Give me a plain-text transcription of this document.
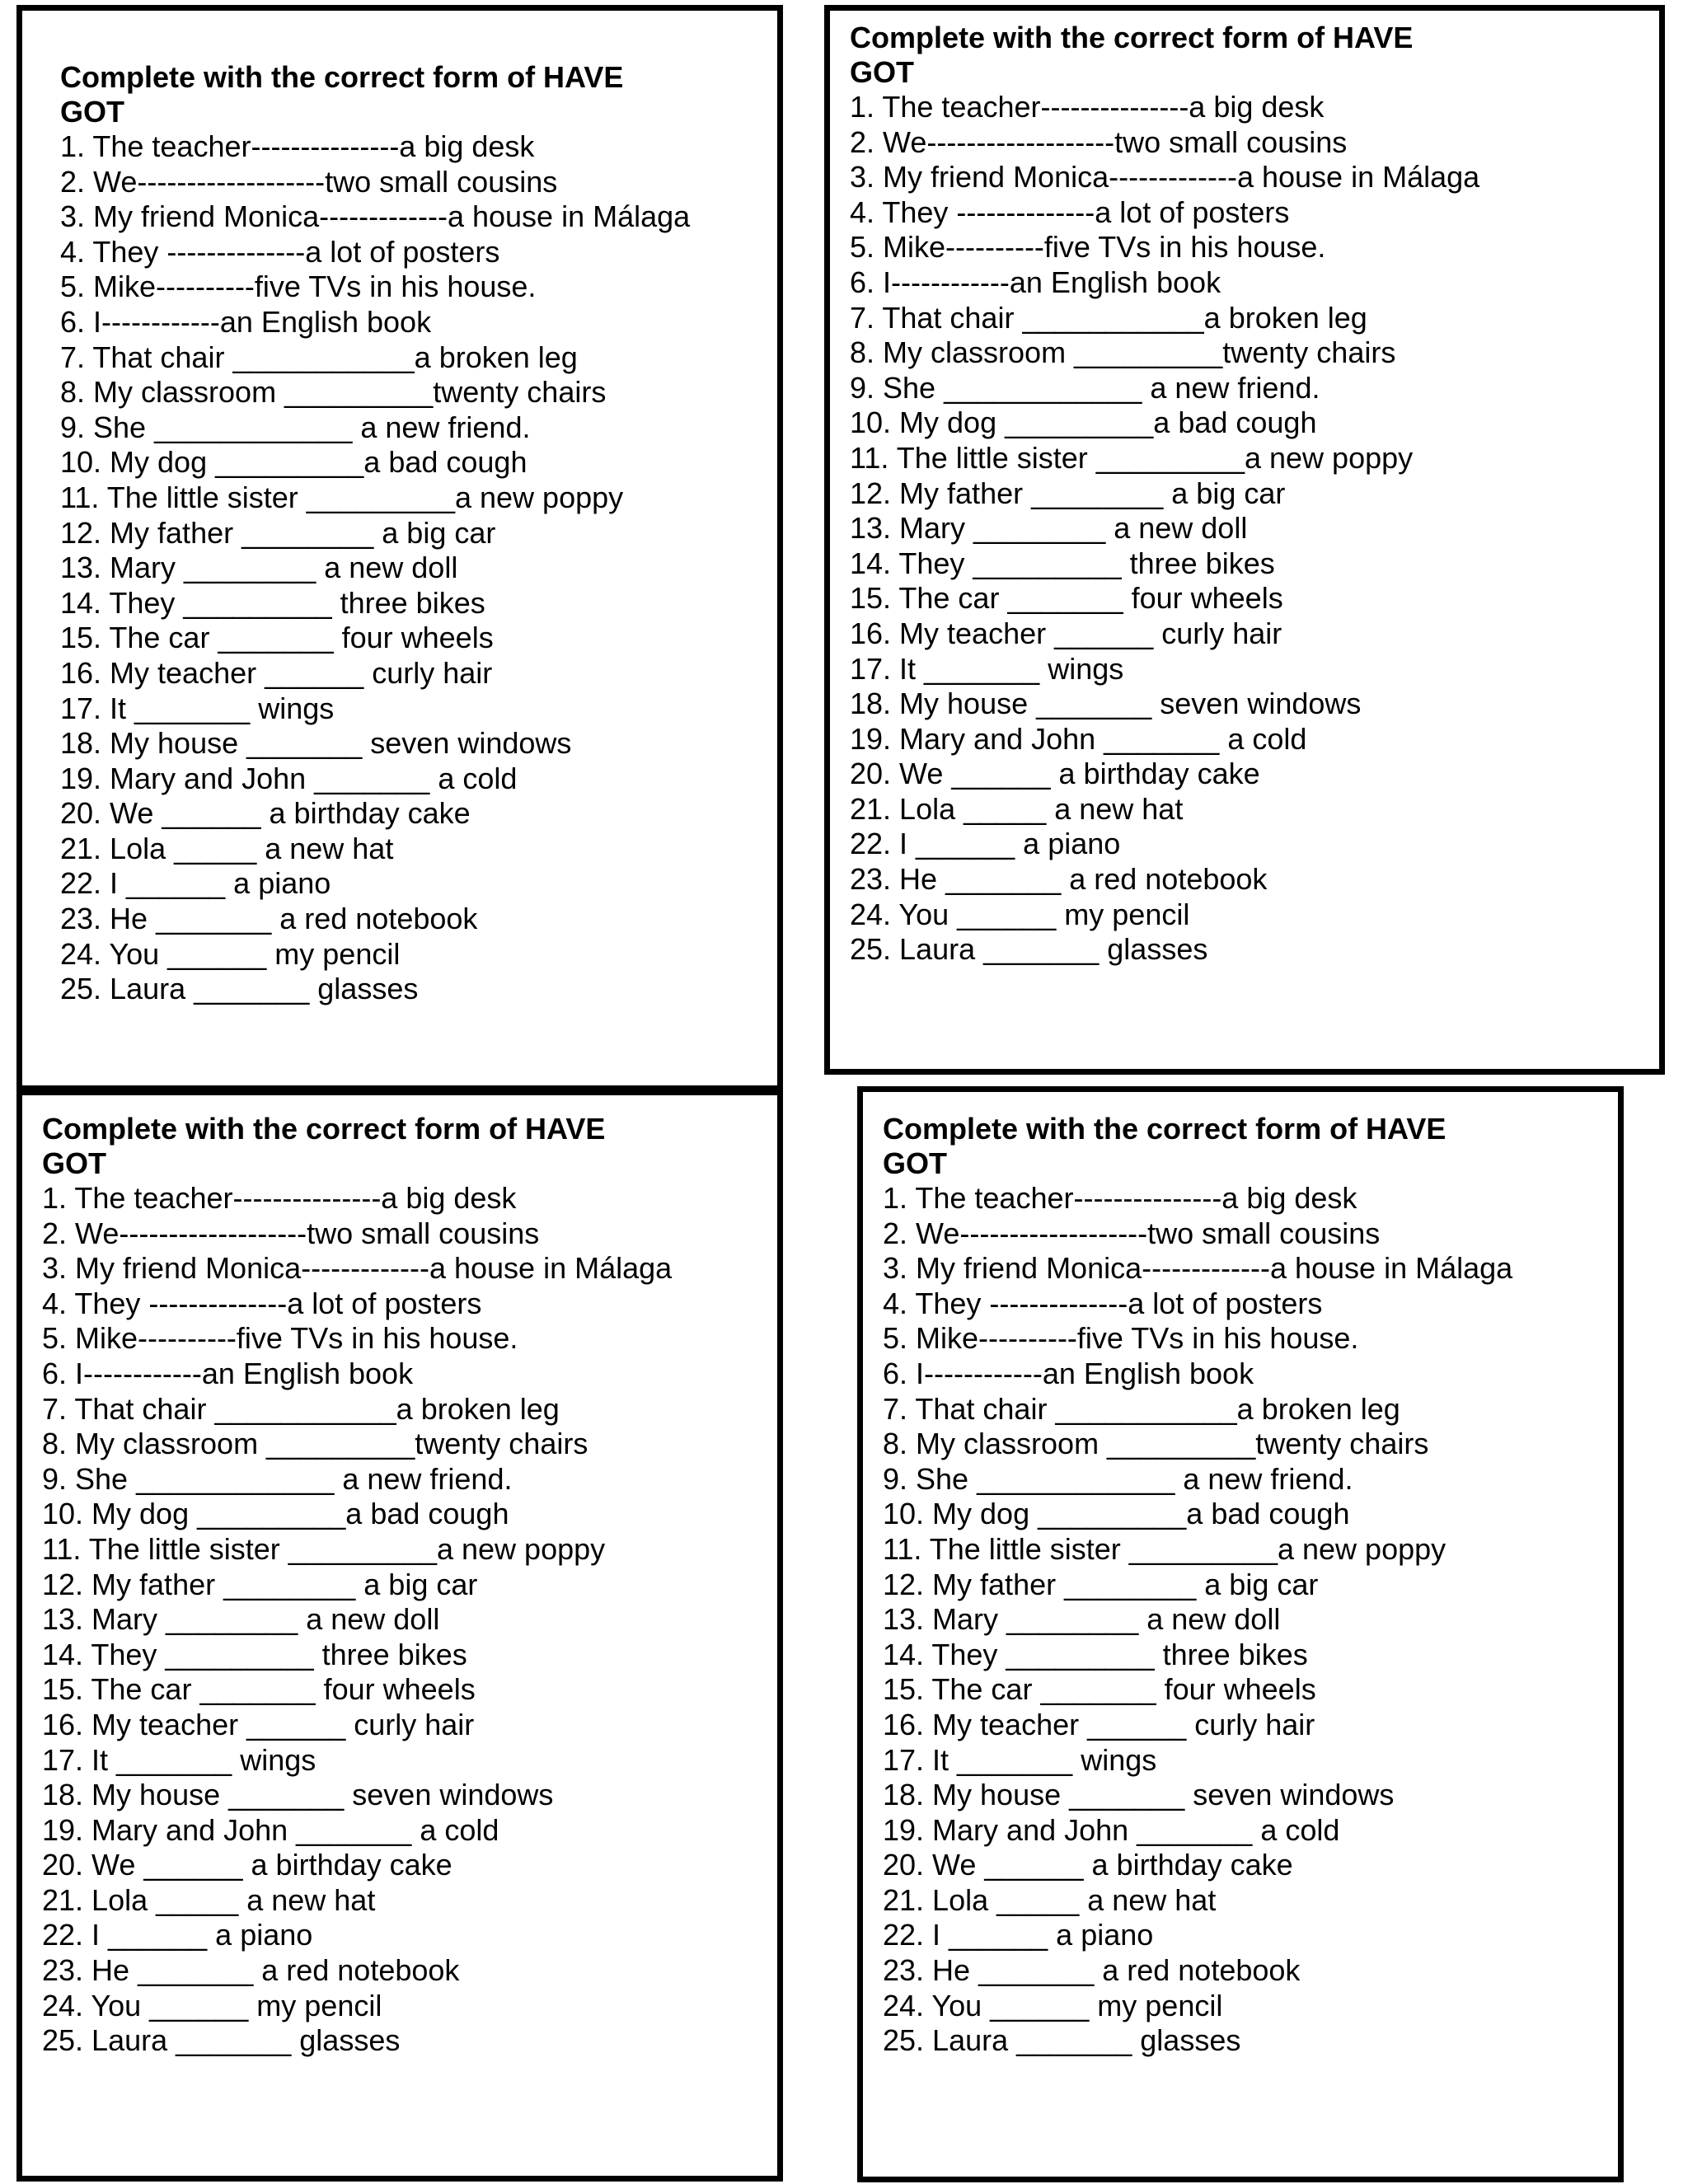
Complete with the correct form of HAVE GOT
1. The teacher---------------a big desk
2. We-------------------two small cousins
3. My friend Monica-------------a house in Málaga
4. They --------------a lot of posters
5. Mike----------five TVs in his house.
6. I------------an English book
7. That chair ___________a broken leg
8. My classroom _________twenty chairs
9. She ____________ a new friend.
10. My dog _________a bad cough
11. The little sister _________a new poppy
12. My father ________ a big car
13. Mary ________ a new doll
14. They _________ three bikes
15. The car _______ four wheels
16. My teacher ______ curly hair
17. It _______ wings
18. My house _______ seven windows
19. Mary and John _______ a cold
20. We ______ a birthday cake
21. Lola _____ a new hat
22. I ______ a piano
23. He _______ a red notebook
24. You ______ my pencil
25. Laura _______ glasses
Complete with the correct form of HAVE GOT
1. The teacher---------------a big desk
2. We-------------------two small cousins
3. My friend Monica-------------a house in Málaga
4. They --------------a lot of posters
5. Mike----------five TVs in his house.
6. I------------an English book
7. That chair ___________a broken leg
8. My classroom _________twenty chairs
9. She ____________ a new friend.
10. My dog _________a bad cough
11. The little sister _________a new poppy
12. My father ________ a big car
13. Mary ________ a new doll
14. They _________ three bikes
15. The car _______ four wheels
16. My teacher ______ curly hair
17. It _______ wings
18. My house _______ seven windows
19. Mary and John _______ a cold
20. We ______ a birthday cake
21. Lola _____ a new hat
22. I ______ a piano
23. He _______ a red notebook
24. You ______ my pencil
25. Laura _______ glasses
Complete with the correct form of HAVE GOT
1. The teacher---------------a big desk
2. We-------------------two small cousins
3. My friend Monica-------------a house in Málaga
4. They --------------a lot of posters
5. Mike----------five TVs in his house.
6. I------------an English book
7. That chair ___________a broken leg
8. My classroom _________twenty chairs
9. She ____________ a new friend.
10. My dog _________a bad cough
11. The little sister _________a new poppy
12. My father ________ a big car
13. Mary ________ a new doll
14. They _________ three bikes
15. The car _______ four wheels
16. My teacher ______ curly hair
17. It _______ wings
18. My house _______ seven windows
19. Mary and John _______ a cold
20. We ______ a birthday cake
21. Lola _____ a new hat
22. I ______ a piano
23. He _______ a red notebook
24. You ______ my pencil
25. Laura _______ glasses
Complete with the correct form of HAVE GOT
1. The teacher---------------a big desk
2. We-------------------two small cousins
3. My friend Monica-------------a house in Málaga
4. They --------------a lot of posters
5. Mike----------five TVs in his house.
6. I------------an English book
7. That chair ___________a broken leg
8. My classroom _________twenty chairs
9. She ____________ a new friend.
10. My dog _________a bad cough
11. The little sister _________a new poppy
12. My father ________ a big car
13. Mary ________ a new doll
14. They _________ three bikes
15. The car _______ four wheels
16. My teacher ______ curly hair
17. It _______ wings
18. My house _______ seven windows
19. Mary and John _______ a cold
20. We ______ a birthday cake
21. Lola _____ a new hat
22. I ______ a piano
23. He _______ a red notebook
24. You ______ my pencil
25. Laura _______ glasses
